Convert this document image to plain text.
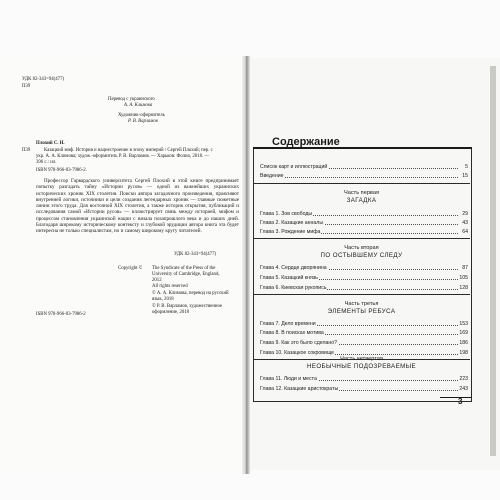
УДК 82-343=94(477)
П39
Перевод с украинского
А. А. Климова
Художник-оформитель
Р. В. Варламов
Плохий С. Н.
П39	Казацкий миф. История и нациестроение в эпоху империй / Сергей Плохий; пер. с
укр. А. А. Климова; худож.-оформитель Р. В. Варламов. — Харьков: Фолио, 2018. —
396 с.: ил.
ISBN 978-966-03-7986-2.
Профессор Гарвардского университета Сергей Плохий в этой книге предпринимает попытку разгадать тайну «Истории русов» — одной из важнейших украинских исторических хроник XIX столетия. Поиски автора загадочного произведения, проясняют внутренней логики, источники и цели создания легендарных хроник — главные сюжетные линии этого труда. Для восточной XIX столетия, а также историк открытия, публикаций и исследования самой «Истории русов» — иллюстрирует связь между историей, мифом и процессом становления украинской нации с начала позапрошлого века и до наших дней. Благодаря широкому историческому контексту и глубокой эрудиции автора книга эта будет интересна не только специалистам, но и самому широкому кругу читателей.
УДК 82-343=94(477)
Copyright © The Syndicate of the Press of the
University of Cambridge, England,
2012
All rights reserved
© А. А. Климова, перевод на русский
язык, 2018
© Р. В. Варламов, художественное
оформление, 2018
ISBN 978-966-03-7986-2
Содержание
Список карт и иллюстраций	5
Введение	15
Часть первая
ЗАГАДКА
Глава 1. Зов свободы	29
Глава 2. Казацкие анналы	43
Глава 3. Рождение мифа	64
Часть вторая
ПО ОСТЫВШЕМУ СЛЕДУ
Глава 4. Сердце дворянина	87
Глава 5. Казацкий князь	105
Глава 6. Киевская рукопись	128
Часть третья
ЭЛЕМЕНТЫ РЕБУСА
Глава 7. Дело времени	153
Глава 8. В поисках мотива	169
Глава 9. Как это было сделано?	186
Глава 10. Казацкое сокровище	198
Часть четвертая
НЕОБЫЧНЫЕ ПОДОЗРЕВАЕМЫЕ
Глава 11. Люди и места	223
Глава 12. Казацкие аристократы	243
3
